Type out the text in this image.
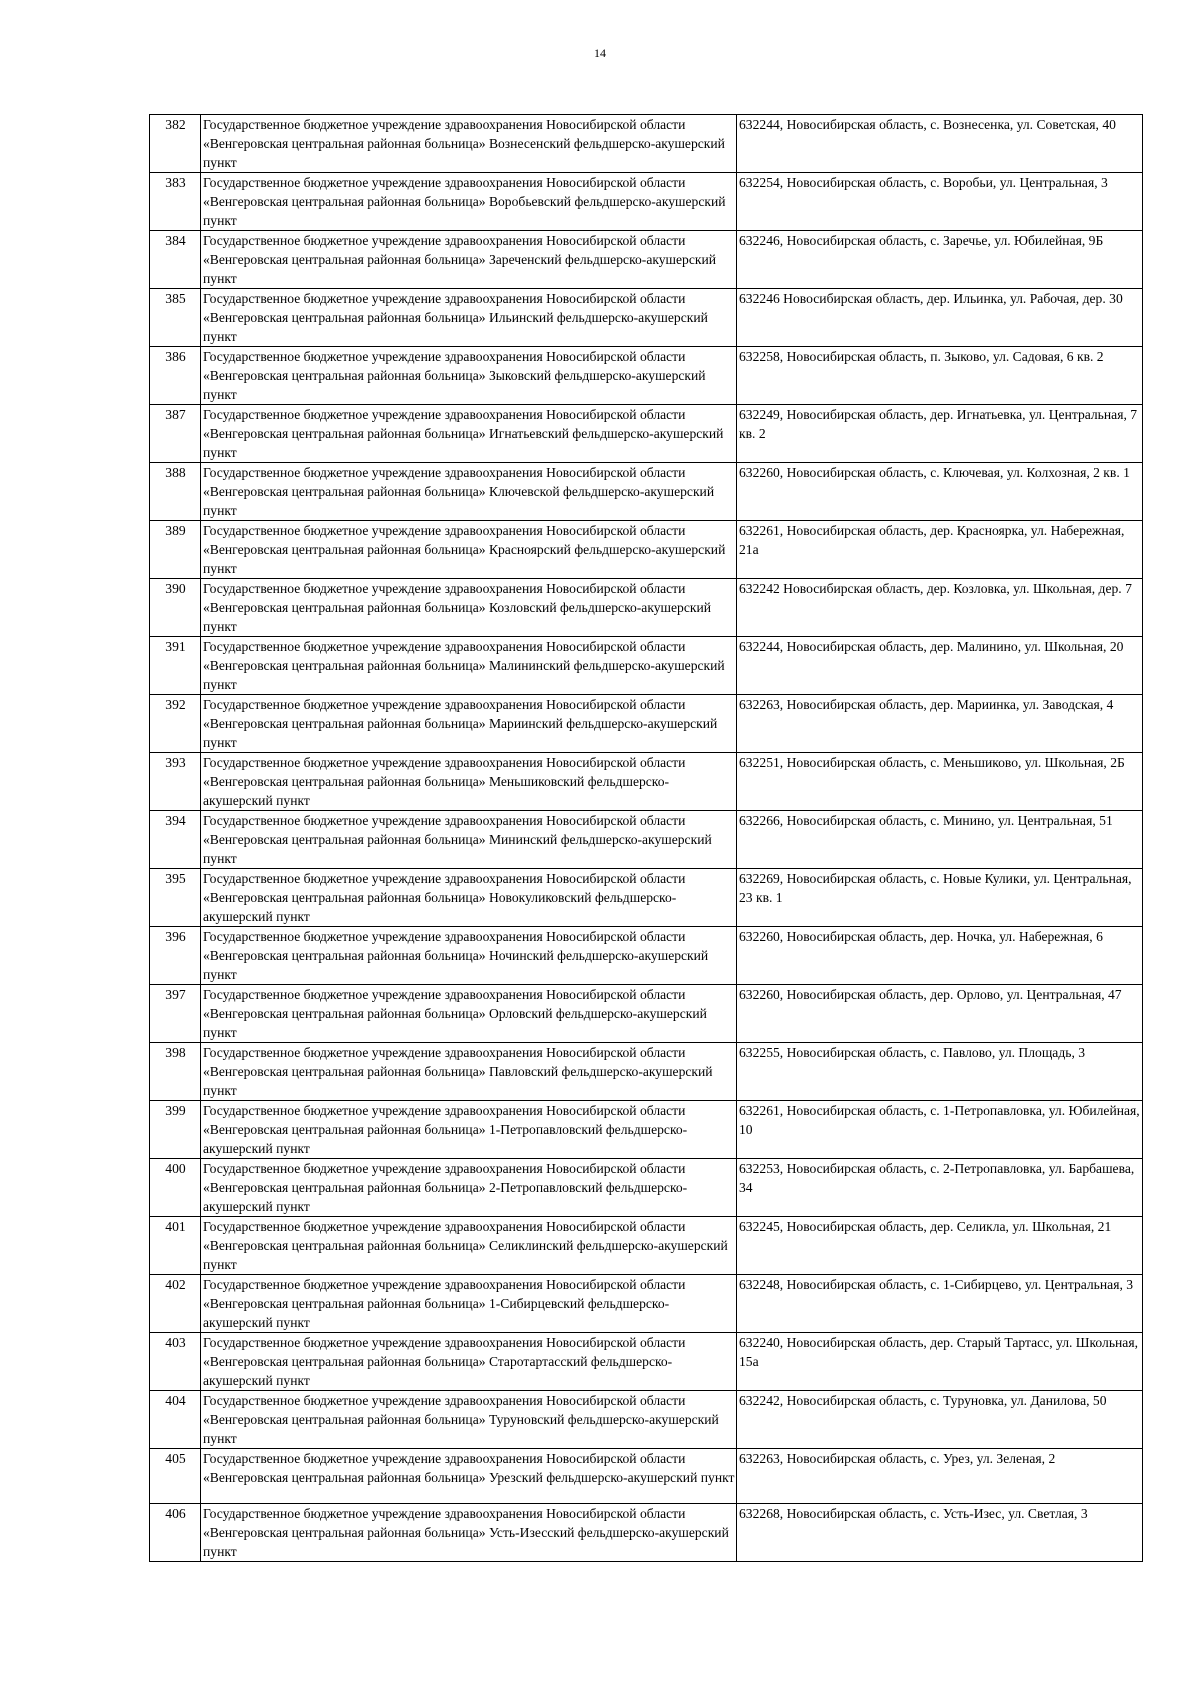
14
382	Государственное бюджетное учреждение здравоохранения Новосибирской области «Венгеровская центральная районная больница» Вознесенский фельдшерско-акушерский пункт	632244, Новосибирская область, с. Вознесенка, ул. Советская, 40
383	Государственное бюджетное учреждение здравоохранения Новосибирской области «Венгеровская центральная районная больница» Воробьевский фельдшерско-акушерский пункт	632254, Новосибирская область, с. Воробьи, ул. Центральная, 3
384	Государственное бюджетное учреждение здравоохранения Новосибирской области «Венгеровская центральная районная больница» Зареченский фельдшерско-акушерский пункт	632246, Новосибирская область, с. Заречье, ул. Юбилейная, 9Б
385	Государственное бюджетное учреждение здравоохранения Новосибирской области «Венгеровская центральная районная больница» Ильинский фельдшерско-акушерский пункт	632246 Новосибирская область, дер. Ильинка, ул. Рабочая, дер. 30
386	Государственное бюджетное учреждение здравоохранения Новосибирской области «Венгеровская центральная районная больница» Зыковский фельдшерско-акушерский пункт	632258, Новосибирская область, п. Зыково, ул. Садовая, 6 кв. 2
387	Государственное бюджетное учреждение здравоохранения Новосибирской области «Венгеровская центральная районная больница» Игнатьевский фельдшерско-акушерский пункт	632249, Новосибирская область, дер. Игнатьевка, ул. Центральная, 7 кв. 2
388	Государственное бюджетное учреждение здравоохранения Новосибирской области «Венгеровская центральная районная больница» Ключевской фельдшерско-акушерский пункт	632260, Новосибирская область, с. Ключевая, ул. Колхозная, 2 кв. 1
389	Государственное бюджетное учреждение здравоохранения Новосибирской области «Венгеровская центральная районная больница» Красноярский фельдшерско-акушерский пункт	632261, Новосибирская область, дер. Красноярка, ул. Набережная, 21а
390	Государственное бюджетное учреждение здравоохранения Новосибирской области «Венгеровская центральная районная больница» Козловский фельдшерско-акушерский пункт	632242 Новосибирская область, дер. Козловка, ул. Школьная, дер. 7
391	Государственное бюджетное учреждение здравоохранения Новосибирской области «Венгеровская центральная районная больница» Малининский фельдшерско-акушерский пункт	632244, Новосибирская область, дер. Малинино, ул. Школьная, 20
392	Государственное бюджетное учреждение здравоохранения Новосибирской области «Венгеровская центральная районная больница» Мариинский фельдшерско-акушерский пункт	632263, Новосибирская область, дер. Мариинка, ул. Заводская, 4
393	Государственное бюджетное учреждение здравоохранения Новосибирской области «Венгеровская центральная районная больница» Меньшиковский фельдшерско-акушерский пункт	632251, Новосибирская область, с. Меньшиково, ул. Школьная, 2Б
394	Государственное бюджетное учреждение здравоохранения Новосибирской области «Венгеровская центральная районная больница» Мининский фельдшерско-акушерский пункт	632266, Новосибирская область, с. Минино, ул. Центральная, 51
395	Государственное бюджетное учреждение здравоохранения Новосибирской области «Венгеровская центральная районная больница» Новокуликовский фельдшерско-акушерский пункт	632269, Новосибирская область, с. Новые Кулики, ул. Центральная, 23 кв. 1
396	Государственное бюджетное учреждение здравоохранения Новосибирской области «Венгеровская центральная районная больница» Ночинский фельдшерско-акушерский пункт	632260, Новосибирская область, дер. Ночка, ул. Набережная, 6
397	Государственное бюджетное учреждение здравоохранения Новосибирской области «Венгеровская центральная районная больница» Орловский фельдшерско-акушерский пункт	632260, Новосибирская область, дер. Орлово, ул. Центральная, 47
398	Государственное бюджетное учреждение здравоохранения Новосибирской области «Венгеровская центральная районная больница» Павловский фельдшерско-акушерский пункт	632255, Новосибирская область, с. Павлово, ул. Площадь, 3
399	Государственное бюджетное учреждение здравоохранения Новосибирской области «Венгеровская центральная районная больница» 1-Петропавловский фельдшерско-акушерский пункт	632261, Новосибирская область, с. 1-Петропавловка, ул. Юбилейная, 10
400	Государственное бюджетное учреждение здравоохранения Новосибирской области «Венгеровская центральная районная больница» 2-Петропавловский фельдшерско-акушерский пункт	632253, Новосибирская область, с. 2-Петропавловка, ул. Барбашева, 34
401	Государственное бюджетное учреждение здравоохранения Новосибирской области «Венгеровская центральная районная больница» Селиклинский фельдшерско-акушерский пункт	632245, Новосибирская область, дер. Селикла, ул. Школьная, 21
402	Государственное бюджетное учреждение здравоохранения Новосибирской области «Венгеровская центральная районная больница» 1-Сибирцевский фельдшерско-акушерский пункт	632248, Новосибирская область, с. 1-Сибирцево, ул. Центральная, 3
403	Государственное бюджетное учреждение здравоохранения Новосибирской области «Венгеровская центральная районная больница» Старотартасский фельдшерско-акушерский пункт	632240, Новосибирская область, дер. Старый Тартасс, ул. Школьная, 15а
404	Государственное бюджетное учреждение здравоохранения Новосибирской области «Венгеровская центральная районная больница» Туруновский фельдшерско-акушерский пункт	632242, Новосибирская область, с. Туруновка, ул. Данилова, 50
405	Государственное бюджетное учреждение здравоохранения Новосибирской области «Венгеровская центральная районная больница» Урезский фельдшерско-акушерский пункт	632263, Новосибирская область, с. Урез, ул. Зеленая, 2
406	Государственное бюджетное учреждение здравоохранения Новосибирской области «Венгеровская центральная районная больница» Усть-Изесский фельдшерско-акушерский пункт	632268, Новосибирская область, с. Усть-Изес, ул. Светлая, 3
